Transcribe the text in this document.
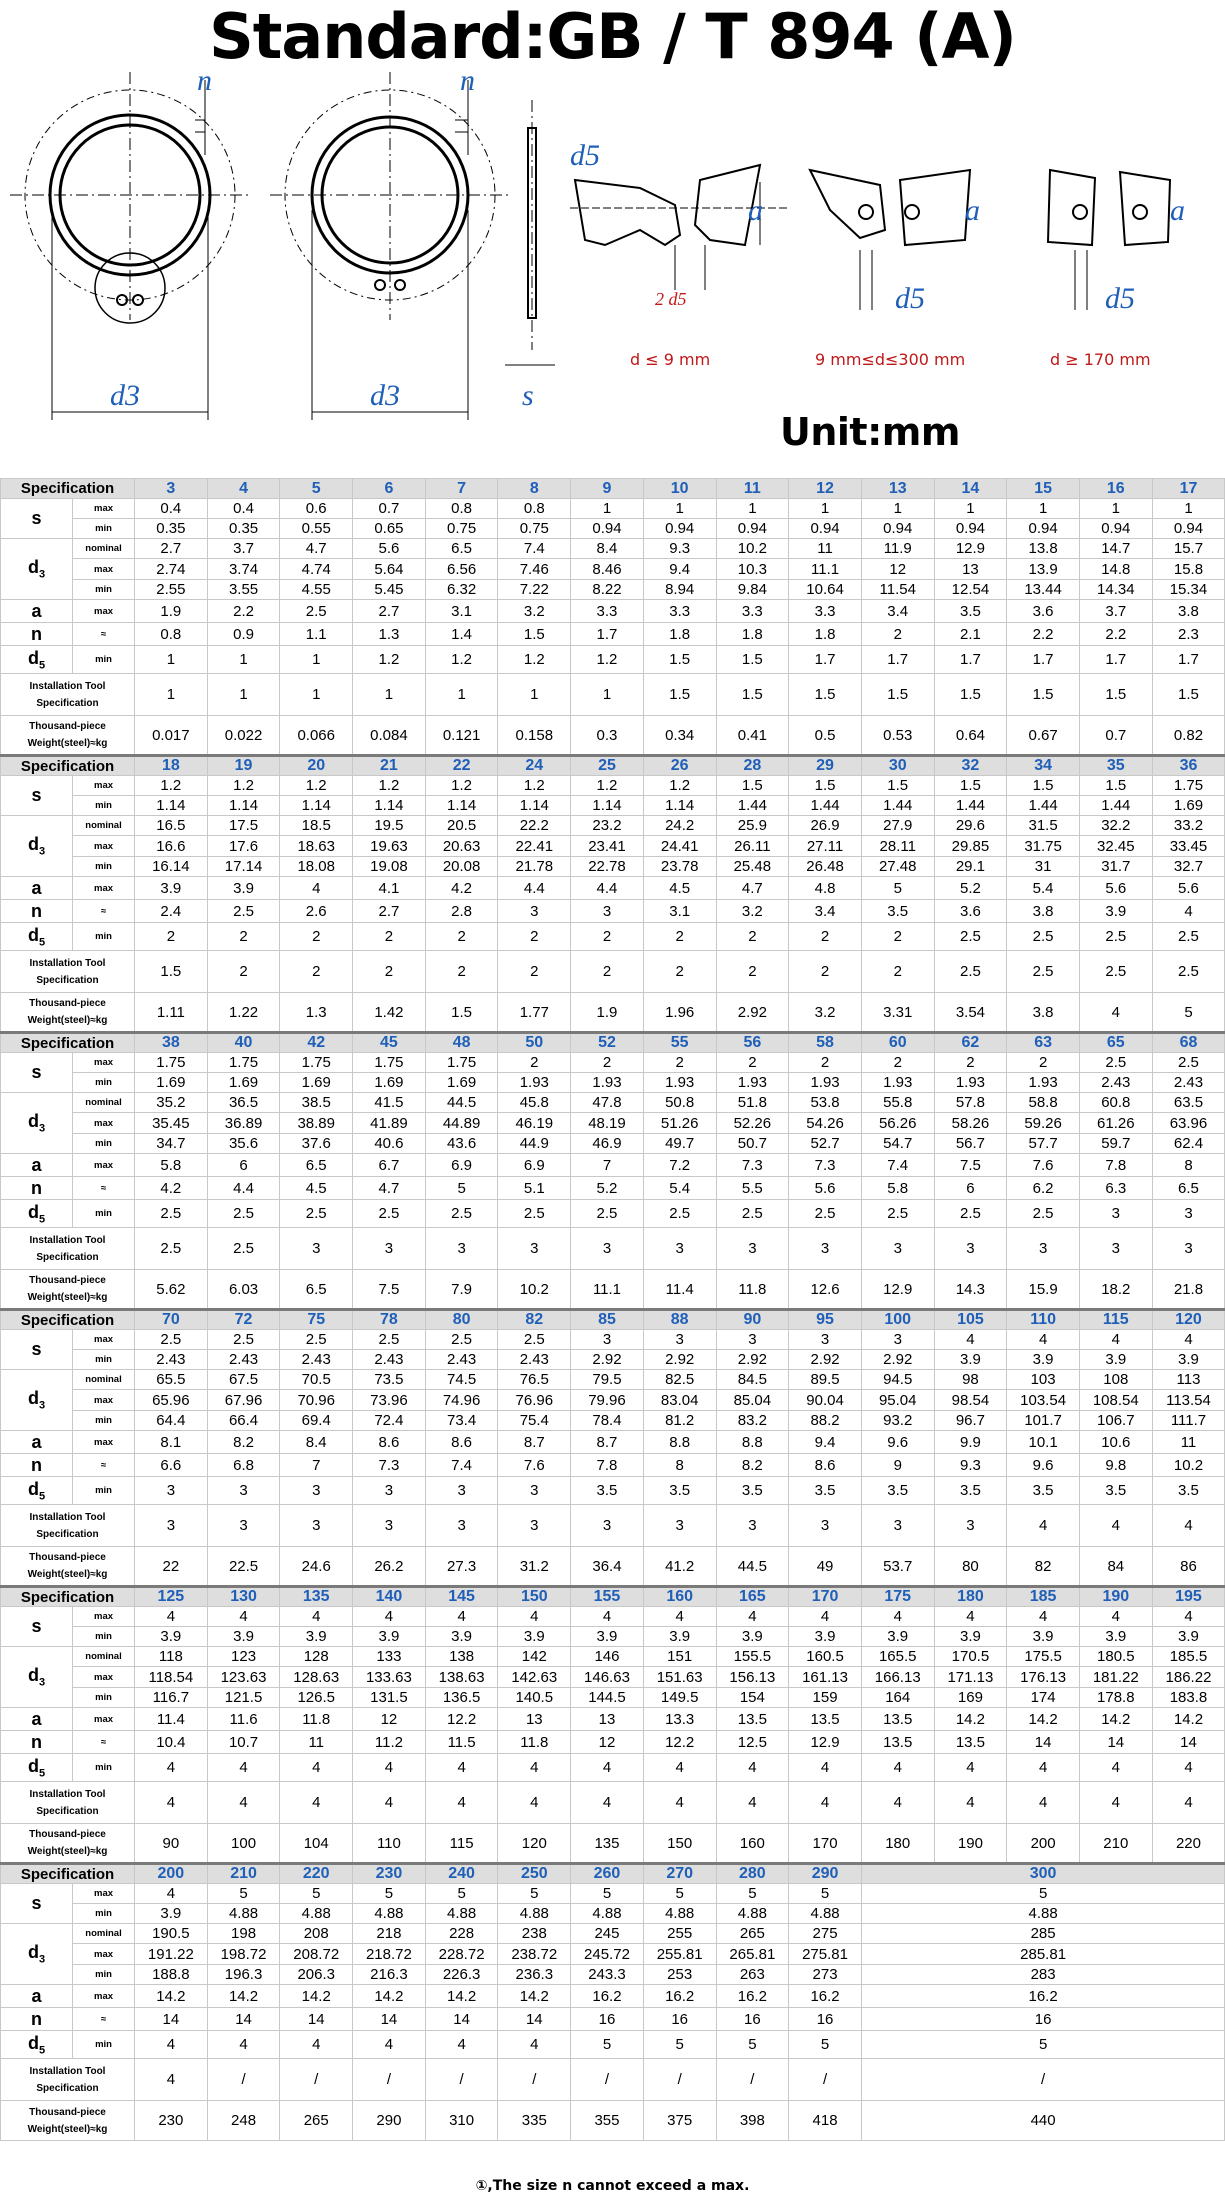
Standard:GB / T 894 (A)
n	n
d3	d3	s
d5
a
d5
a
d5
a
2 d5
d ≤ 9 mm	9 mm≤d≤300 mm	d ≥ 170 mm
Unit:mm
Specification		3	4	5	6	7	8	9	10	11	12	13	14	15	16	17
s	max	0.4	0.4	0.6	0.7	0.8	0.8	1	1	1	1	1	1	1	1	1
	min	0.35	0.35	0.55	0.65	0.75	0.75	0.94	0.94	0.94	0.94	0.94	0.94	0.94	0.94	0.94
$d_3$	nominal	2.7	3.7	4.7	5.6	6.5	7.4	8.4	9.3	10.2	11	11.9	12.9	13.8	14.7	15.7
	max	2.74	3.74	4.74	5.64	6.56	7.46	8.46	9.4	10.3	11.1	12	13	13.9	14.8	15.8
	min	2.55	3.55	4.55	5.45	6.32	7.22	8.22	8.94	9.84	10.64	11.54	12.54	13.44	14.34	15.34
a	max	1.9	2.2	2.5	2.7	3.1	3.2	3.3	3.3	3.3	3.3	3.4	3.5	3.6	3.7	3.8
n	≈	0.8	0.9	1.1	1.3	1.4	1.5	1.7	1.8	1.8	1.8	2	2.1	2.2	2.2	2.3
$d_5$	min	1	1	1	1.2	1.2	1.2	1.2	1.5	1.5	1.7	1.7	1.7	1.7	1.7	1.7

Installation Tool
Specification		1	1	1	1	1	1	1	1.5	1.5	1.5	1.5	1.5	1.5	1.5	1.5

Thousand-piece
Weight(steel)≈kg		0.017	0.022	0.066	0.084	0.121	0.158	0.3	0.34	0.41	0.5	0.53	0.64	0.67	0.7	0.82
Specification		18	19	20	21	22	24	25	26	28	29	30	32	34	35	36
s	max	1.2	1.2	1.2	1.2	1.2	1.2	1.2	1.2	1.5	1.5	1.5	1.5	1.5	1.5	1.75
	min	1.14	1.14	1.14	1.14	1.14	1.14	1.14	1.14	1.44	1.44	1.44	1.44	1.44	1.44	1.69
$d_3$	nominal	16.5	17.5	18.5	19.5	20.5	22.2	23.2	24.2	25.9	26.9	27.9	29.6	31.5	32.2	33.2
	max	16.6	17.6	18.63	19.63	20.63	22.41	23.41	24.41	26.11	27.11	28.11	29.85	31.75	32.45	33.45
	min	16.14	17.14	18.08	19.08	20.08	21.78	22.78	23.78	25.48	26.48	27.48	29.1	31	31.7	32.7
a	max	3.9	3.9	4	4.1	4.2	4.4	4.4	4.5	4.7	4.8	5	5.2	5.4	5.6	5.6
n	≈	2.4	2.5	2.6	2.7	2.8	3	3	3.1	3.2	3.4	3.5	3.6	3.8	3.9	4
$d_5$	min	2	2	2	2	2	2	2	2	2	2	2	2.5	2.5	2.5	2.5

Installation Tool
Specification		1.5	2	2	2	2	2	2	2	2	2	2	2.5	2.5	2.5	2.5

Thousand-piece
Weight(steel)≈kg		1.11	1.22	1.3	1.42	1.5	1.77	1.9	1.96	2.92	3.2	3.31	3.54	3.8	4	5
Specification		38	40	42	45	48	50	52	55	56	58	60	62	63	65	68
s	max	1.75	1.75	1.75	1.75	1.75	2	2	2	2	2	2	2	2	2.5	2.5
	min	1.69	1.69	1.69	1.69	1.69	1.93	1.93	1.93	1.93	1.93	1.93	1.93	1.93	2.43	2.43
$d_3$	nominal	35.2	36.5	38.5	41.5	44.5	45.8	47.8	50.8	51.8	53.8	55.8	57.8	58.8	60.8	63.5
	max	35.45	36.89	38.89	41.89	44.89	46.19	48.19	51.26	52.26	54.26	56.26	58.26	59.26	61.26	63.96
	min	34.7	35.6	37.6	40.6	43.6	44.9	46.9	49.7	50.7	52.7	54.7	56.7	57.7	59.7	62.4
a	max	5.8	6	6.5	6.7	6.9	6.9	7	7.2	7.3	7.3	7.4	7.5	7.6	7.8	8
n	≈	4.2	4.4	4.5	4.7	5	5.1	5.2	5.4	5.5	5.6	5.8	6	6.2	6.3	6.5
$d_5$	min	2.5	2.5	2.5	2.5	2.5	2.5	2.5	2.5	2.5	2.5	2.5	2.5	2.5	3	3

Installation Tool
Specification		2.5	2.5	3	3	3	3	3	3	3	3	3	3	3	3	3

Thousand-piece
Weight(steel)≈kg		5.62	6.03	6.5	7.5	7.9	10.2	11.1	11.4	11.8	12.6	12.9	14.3	15.9	18.2	21.8
Specification		70	72	75	78	80	82	85	88	90	95	100	105	110	115	120
s	max	2.5	2.5	2.5	2.5	2.5	2.5	3	3	3	3	3	4	4	4	4
	min	2.43	2.43	2.43	2.43	2.43	2.43	2.92	2.92	2.92	2.92	2.92	3.9	3.9	3.9	3.9
$d_3$	nominal	65.5	67.5	70.5	73.5	74.5	76.5	79.5	82.5	84.5	89.5	94.5	98	103	108	113
	max	65.96	67.96	70.96	73.96	74.96	76.96	79.96	83.04	85.04	90.04	95.04	98.54	103.54	108.54	113.54
	min	64.4	66.4	69.4	72.4	73.4	75.4	78.4	81.2	83.2	88.2	93.2	96.7	101.7	106.7	111.7
a	max	8.1	8.2	8.4	8.6	8.6	8.7	8.7	8.8	8.8	9.4	9.6	9.9	10.1	10.6	11
n	≈	6.6	6.8	7	7.3	7.4	7.6	7.8	8	8.2	8.6	9	9.3	9.6	9.8	10.2
$d_5$	min	3	3	3	3	3	3	3.5	3.5	3.5	3.5	3.5	3.5	3.5	3.5	3.5

Installation Tool
Specification		3	3	3	3	3	3	3	3	3	3	3	3	4	4	4

Thousand-piece
Weight(steel)≈kg		22	22.5	24.6	26.2	27.3	31.2	36.4	41.2	44.5	49	53.7	80	82	84	86
Specification		125	130	135	140	145	150	155	160	165	170	175	180	185	190	195
s	max	4	4	4	4	4	4	4	4	4	4	4	4	4	4	4
	min	3.9	3.9	3.9	3.9	3.9	3.9	3.9	3.9	3.9	3.9	3.9	3.9	3.9	3.9	3.9
$d_3$	nominal	118	123	128	133	138	142	146	151	155.5	160.5	165.5	170.5	175.5	180.5	185.5
	max	118.54	123.63	128.63	133.63	138.63	142.63	146.63	151.63	156.13	161.13	166.13	171.13	176.13	181.22	186.22
	min	116.7	121.5	126.5	131.5	136.5	140.5	144.5	149.5	154	159	164	169	174	178.8	183.8
a	max	11.4	11.6	11.8	12	12.2	13	13	13.3	13.5	13.5	13.5	14.2	14.2	14.2	14.2
n	≈	10.4	10.7	11	11.2	11.5	11.8	12	12.2	12.5	12.9	13.5	13.5	14	14	14
$d_5$	min	4	4	4	4	4	4	4	4	4	4	4	4	4	4	4

Installation Tool
Specification		4	4	4	4	4	4	4	4	4	4	4	4	4	4	4

Thousand-piece
Weight(steel)≈kg		90	100	104	110	115	120	135	150	160	170	180	190	200	210	220
Specification		200	210	220	230	240	250	260	270	280	290	300				
s	max	4	5	5	5	5	5	5	5	5	5	5				
	min	3.9	4.88	4.88	4.88	4.88	4.88	4.88	4.88	4.88	4.88	4.88				
$d_3$	nominal	190.5	198	208	218	228	238	245	255	265	275	285				
	max	191.22	198.72	208.72	218.72	228.72	238.72	245.72	255.81	265.81	275.81	285.81				
	min	188.8	196.3	206.3	216.3	226.3	236.3	243.3	253	263	273	283				
a	max	14.2	14.2	14.2	14.2	14.2	14.2	16.2	16.2	16.2	16.2	16.2				
n	≈	14	14	14	14	14	14	16	16	16	16	16				
$d_5$	min	4	4	4	4	4	4	5	5	5	5	5				

Installation Tool
Specification		4	/	/	/	/	/	/	/	/	/	/				

Thousand-piece
Weight(steel)≈kg		230	248	265	290	310	335	355	375	398	418	440				
①,The size n cannot exceed a max.
